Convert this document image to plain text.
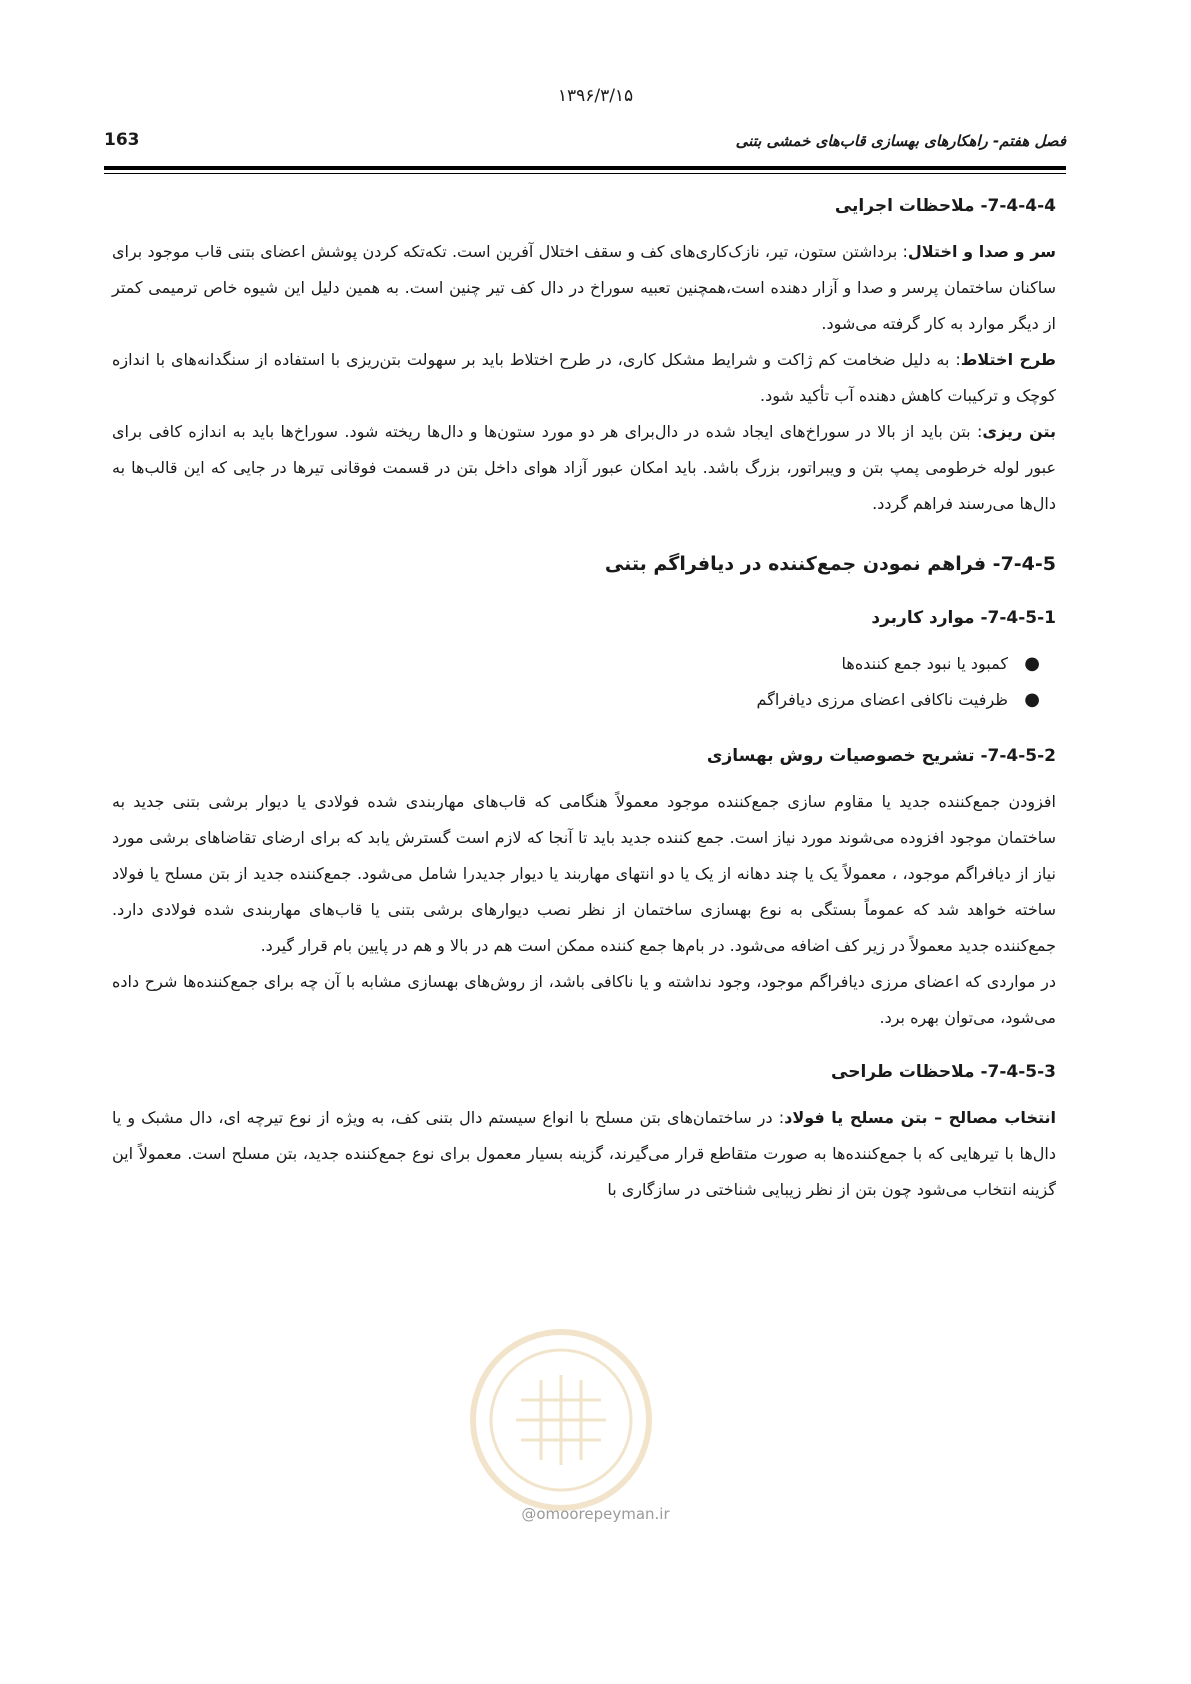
۱۳۹۶/۳/۱۵
163	فصل هفتم- راهکارهای بهسازی قاب‌های خمشی بتنی
7-4-4-4- ملاحظات اجرایی

سر و صدا و اختلال: برداشتن ستون، تیر، نازک‌کاری‌های کف و سقف اختلال آفرین است. تکه‌تکه کردن پوشش اعضای بتنی قاب موجود برای ساکنان ساختمان پرسر و صدا و آزار دهنده است،همچنین تعبیه سوراخ در دال کف تیر چنین است. به همین دلیل این شیوه خاص ترمیمی کمتر از دیگر موارد به کار گرفته می‌شود.

طرح اختلاط: به دلیل ضخامت کم ژاکت و شرایط مشکل کاری، در طرح اختلاط باید بر سهولت بتن‌ریزی با استفاده از سنگدانه‌های با اندازه کوچک و ترکیبات کاهش دهنده آب تأکید شود.

بتن ریزی: بتن باید از بالا در سوراخ‌های ایجاد شده در دال‌برای هر دو مورد ستون‌ها و دال‌ها ریخته شود. سوراخ‌ها باید به اندازه کافی برای عبور لوله خرطومی پمپ بتن و ویبراتور، بزرگ باشد. باید امکان عبور آزاد هوای داخل بتن در قسمت فوقانی تیرها در جایی که این قالب‌ها به دال‌ها می‌رسند فراهم گردد.

7-4-5- فراهم نمودن جمع‌کننده در دیافراگم بتنی
7-4-5-1- موارد کاربرد
●
کمبود یا نبود جمع کننده‌ها
●
ظرفیت ناکافی اعضای مرزی دیافراگم
7-4-5-2- تشریح خصوصیات روش بهسازی

افزودن جمع‌کننده جدید یا مقاوم سازی جمع‌کننده موجود معمولاً هنگامی که قاب‌های مهاربندی شده فولادی یا دیوار برشی بتنی جدید به ساختمان موجود افزوده می‌شوند مورد نیاز است. جمع کننده جدید باید تا آنجا که لازم است گسترش یابد که برای ارضای تقاضاهای برشی مورد نیاز از دیافراگم موجود، ، معمولاً یک یا چند دهانه از یک یا دو انتهای مهاربند یا دیوار جدیدرا شامل می‌شود. جمع‌کننده جدید از بتن مسلح یا فولاد ساخته خواهد شد که عموماً بستگی به نوع بهسازی ساختمان از نظر نصب دیوارهای برشی بتنی یا قاب‌های مهاربندی شده فولادی دارد. جمع‌کننده جدید معمولاً در زیر کف اضافه می‌شود. در بام‌ها جمع کننده ممکن است هم در بالا و هم در پایین بام قرار گیرد.

در مواردی که اعضای مرزی دیافراگم موجود، وجود نداشته و یا ناکافی باشد، از روش‌های بهسازی مشابه با آن چه برای جمع‌کننده‌ها شرح داده می‌شود، می‌توان بهره برد.

7-4-5-3- ملاحظات طراحی

انتخاب مصالح – بتن مسلح یا فولاد: در ساختمان‌های بتن مسلح با انواع سیستم دال بتنی کف، به ویژه از نوع تیرچه ای، دال مشبک و یا دال‌ها با تیرهایی که با جمع‌کننده‌ها به صورت متقاطع قرار می‌گیرند، گزینه بسیار معمول برای نوع جمع‌کننده جدید، بتن مسلح است. معمولاً این گزینه انتخاب می‌شود چون بتن از نظر زیبایی شناختی در سازگاری با

@omoorepeyman.ir
